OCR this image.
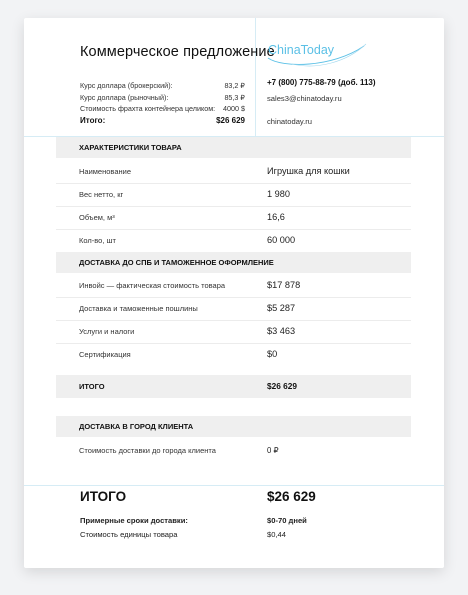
Коммерческое предложение
Курс доллара (брокерский):	83,2 ₽
Курс доллара (рыночный):	85,3 ₽
Стоимость фрахта контейнера целиком: 4000 $
Итого:	$26 629
ChinaToday
+7 (800) 775-88-79 (доб. 113)
sales3@chinatoday.ru
chinatoday.ru
ХАРАКТЕРИСТИКИ ТОВАРА
Наименование	Игрушка для кошки
Вес нетто, кг	1 980
Объем, м³	16,6
Кол-во, шт	60 000
ДОСТАВКА ДО СПБ И ТАМОЖЕННОЕ ОФОРМЛЕНИЕ
Инвойс — фактическая стоимость товара	$17 878
Доставка и таможенные пошлины	$5 287
Услуги и налоги	$3 463
Сертификация	$0
ИТОГО	$26 629
ДОСТАВКА В ГОРОД КЛИЕНТА
Стоимость доставки до города клиента	0 ₽
ИТОГО	$26 629
Примерные сроки доставки:	$0-70 дней
Стоимость единицы товара	$0,44
